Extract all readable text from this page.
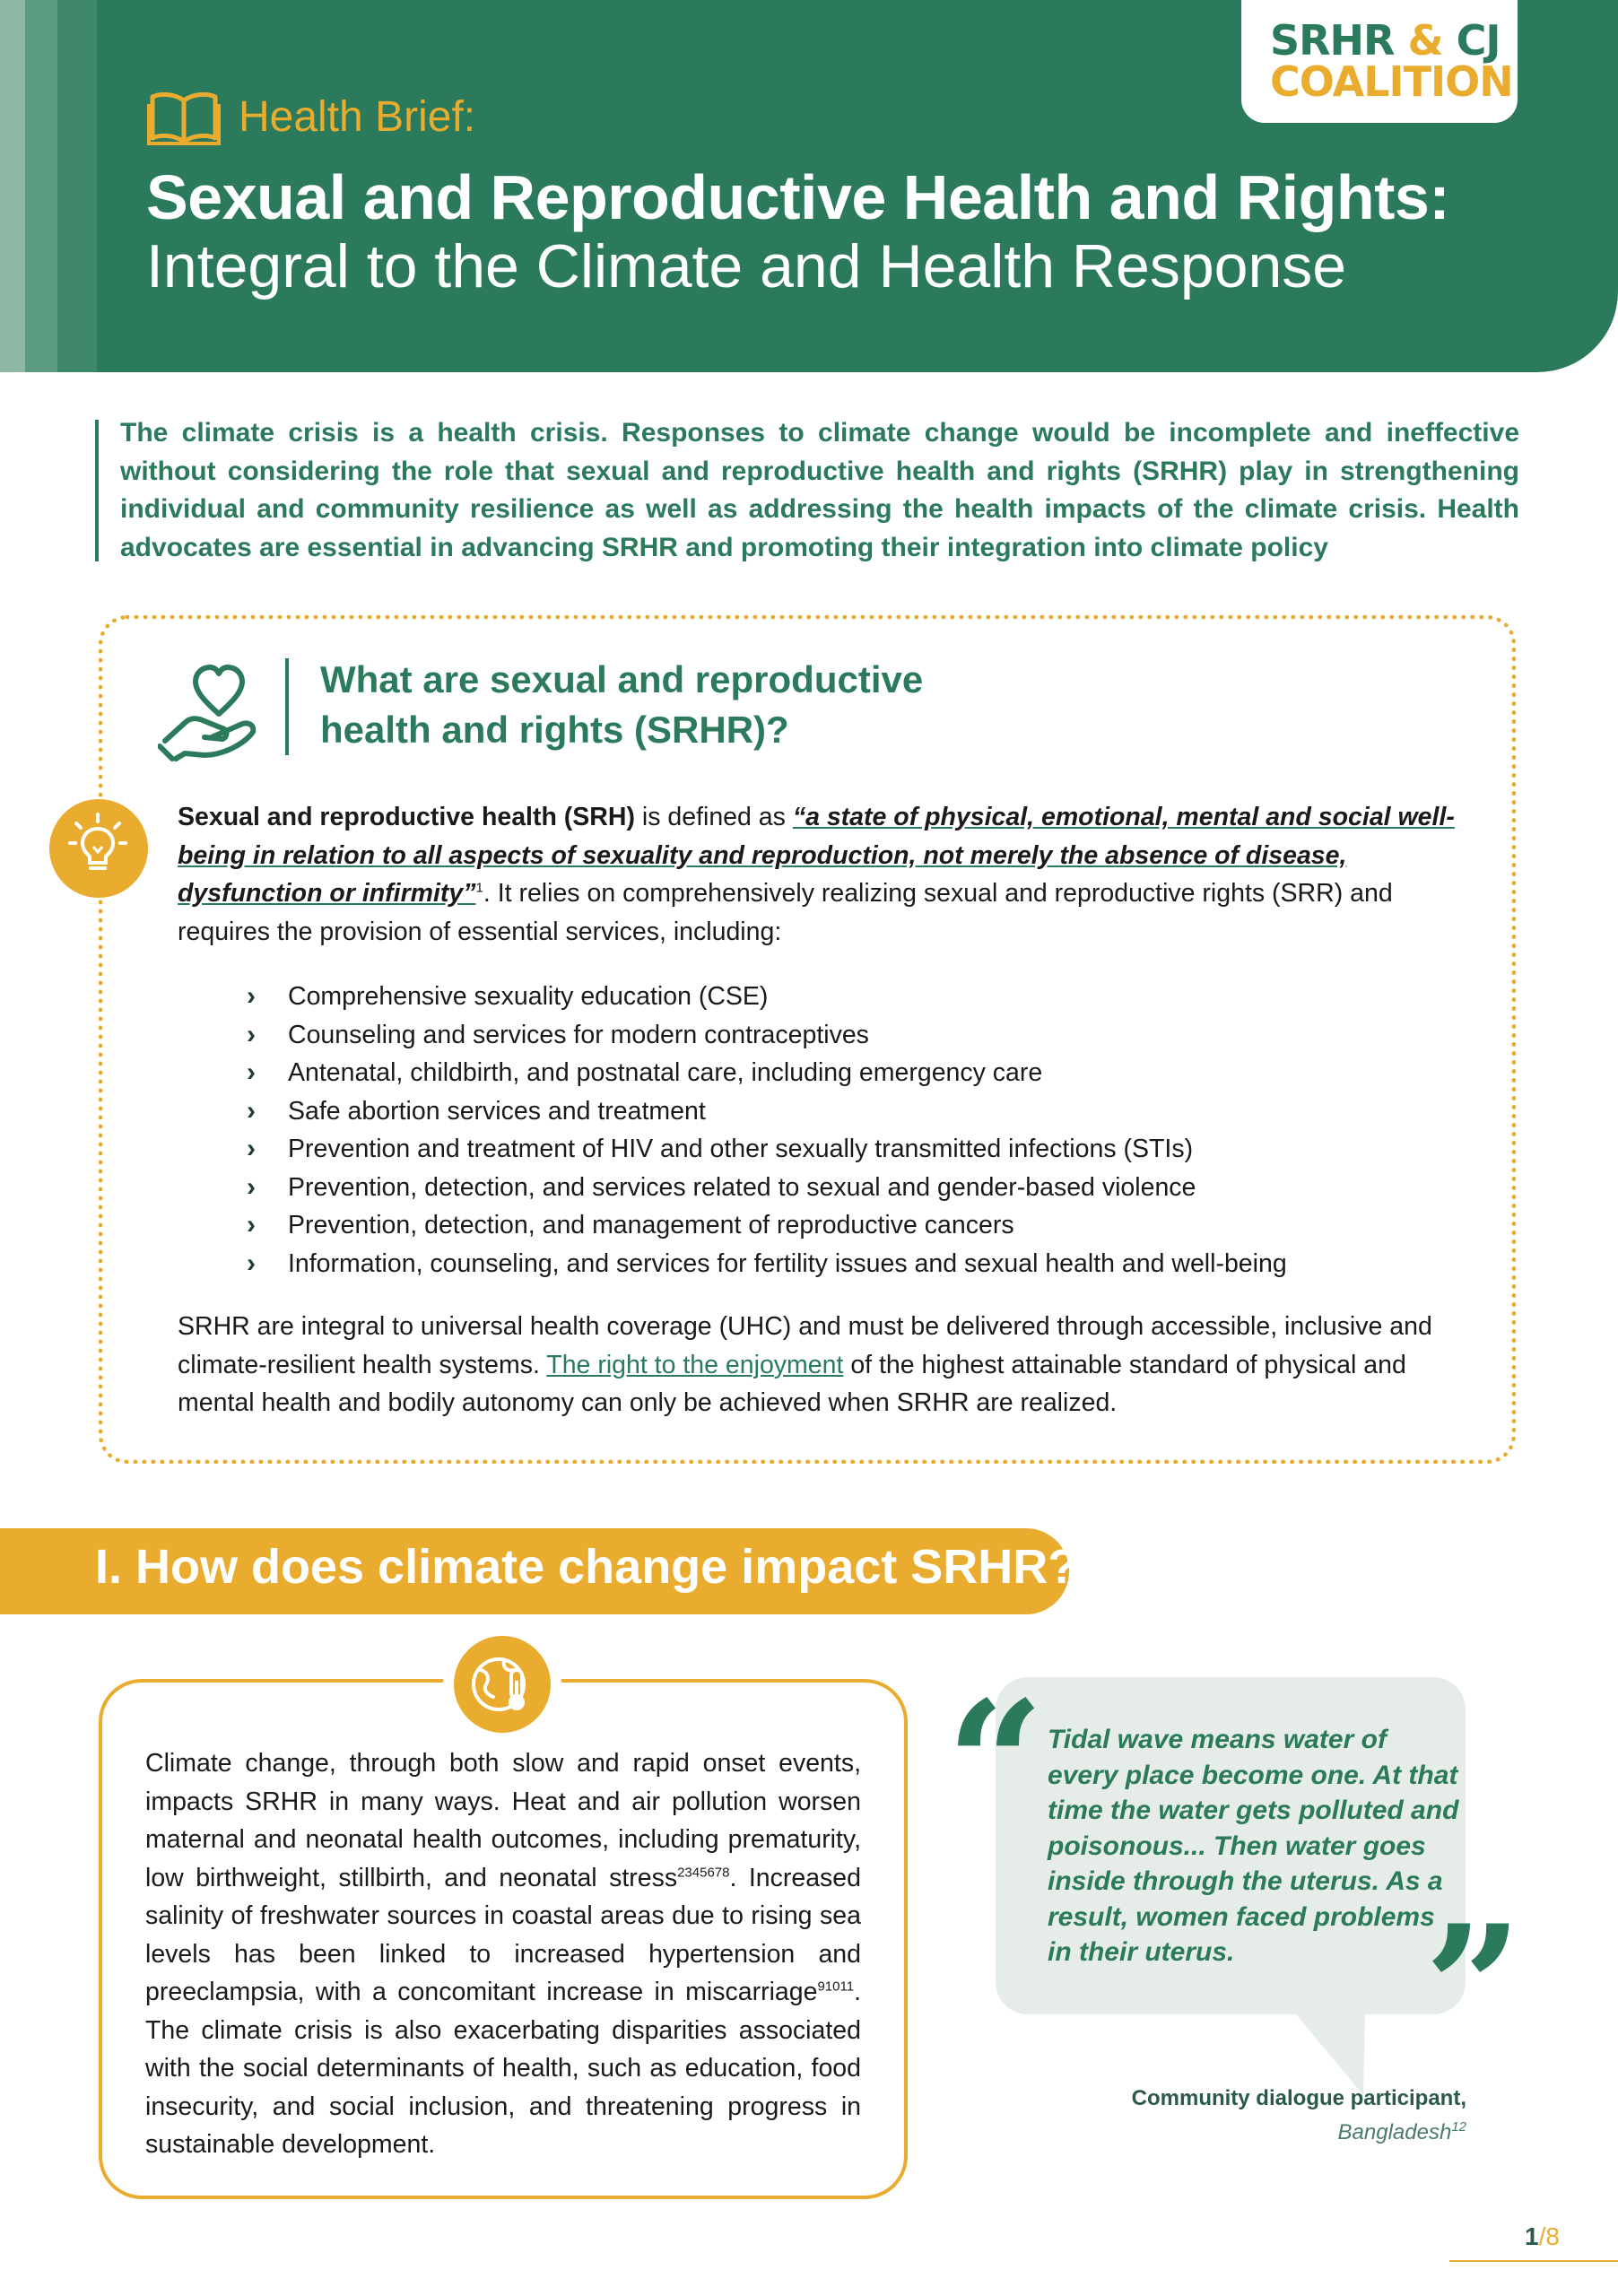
SRHR & CJ
COALITION
Health Brief:
Sexual and Reproductive Health and Rights:
Integral to the Climate and Health Response
The climate crisis is a health crisis. Responses to climate change would be incomplete and ineffective without considering the role that sexual and reproductive health and rights (SRHR) play in strengthening individual and community resilience as well as addressing the health impacts of the climate crisis. Health advocates are essential in advancing SRHR and promoting their integration into climate policy
What are sexual and reproductive
health and rights (SRHR)?
Sexual and reproductive health (SRH) is defined as “a state of physical, emotional, mental and social well-being in relation to all aspects of sexuality and reproduction, not merely the absence of disease, dysfunction or infirmity”$^1$. It relies on comprehensively realizing sexual and reproductive rights (SRR) and requires the provision of essential services, including:
› Comprehensive sexuality education (CSE)
› Counseling and services for modern contraceptives
› Antenatal, childbirth, and postnatal care, including emergency care
› Safe abortion services and treatment
› Prevention and treatment of HIV and other sexually transmitted infections (STIs)
› Prevention, detection, and services related to sexual and gender-based violence
› Prevention, detection, and management of reproductive cancers
› Information, counseling, and services for fertility issues and sexual health and well-being
SRHR are integral to universal health coverage (UHC) and must be delivered through accessible, inclusive and climate-resilient health systems. The right to the enjoyment of the highest attainable standard of physical and mental health and bodily autonomy can only be achieved when SRHR are realized.
I. How does climate change impact SRHR?
Climate change, through both slow and rapid onset events, impacts SRHR in many ways. Heat and air pollution worsen maternal and neonatal health outcomes, including prematurity, low birthweight, stillbirth, and neonatal stress$^{2345678}$. Increased salinity of freshwater sources in coastal areas due to rising sea levels has been linked to increased hypertension and preeclampsia, with a concomitant increase in miscarriage$^{91011}$. The climate crisis is also exacerbating disparities associated with the social determinants of health, such as education, food insecurity, and social inclusion, and threatening progress in sustainable development.
“
”
Tidal wave means water of every place become one. At that time the water gets polluted and poisonous... Then water goes inside through the uterus. As a result, women faced problems in their uterus.
Community dialogue participant,
Bangladesh$^{12}$
1/8
